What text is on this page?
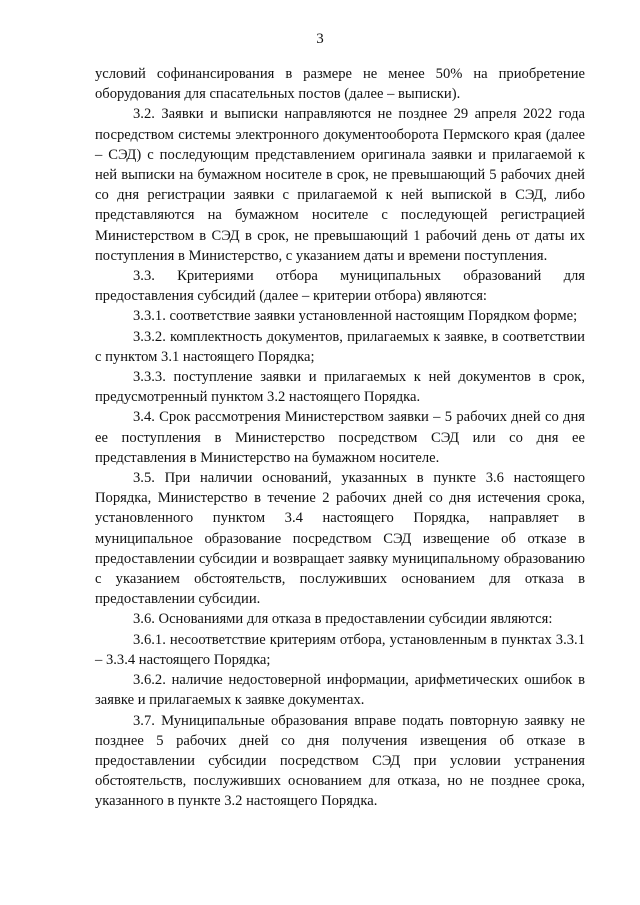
3

условий софинансирования в размере не менее 50% на приобретение оборудования для спасательных постов (далее – выписки).

3.2. Заявки и выписки направляются не позднее 29 апреля 2022 года посредством системы электронного документооборота Пермского края (далее – СЭД) с последующим представлением оригинала заявки и прилагаемой к ней выписки на бумажном носителе в срок, не превышающий 5 рабочих дней со дня регистрации заявки с прилагаемой к ней выпиской в СЭД, либо представляются на бумажном носителе с последующей регистрацией Министерством в СЭД в срок, не превышающий 1 рабочий день от даты их поступления в Министерство, с указанием даты и времени поступления.

3.3. Критериями отбора муниципальных образований для предоставления субсидий (далее – критерии отбора) являются:

3.3.1. соответствие заявки установленной настоящим Порядком форме;

3.3.2. комплектность документов, прилагаемых к заявке, в соответствии с пунктом 3.1 настоящего Порядка;

3.3.3. поступление заявки и прилагаемых к ней документов в срок, предусмотренный пунктом 3.2 настоящего Порядка.

3.4. Срок рассмотрения Министерством заявки – 5 рабочих дней со дня ее поступления в Министерство посредством СЭД или со дня ее представления в Министерство на бумажном носителе.

3.5. При наличии оснований, указанных в пункте 3.6 настоящего Порядка, Министерство в течение 2 рабочих дней со дня истечения срока, установленного пунктом 3.4 настоящего Порядка, направляет в муниципальное образование посредством СЭД извещение об отказе в предоставлении субсидии и возвращает заявку муниципальному образованию с указанием обстоятельств, послуживших основанием для отказа в предоставлении субсидии.

3.6. Основаниями для отказа в предоставлении субсидии являются:

3.6.1. несоответствие критериям отбора, установленным в пунктах 3.3.1 – 3.3.4 настоящего Порядка;

3.6.2. наличие недостоверной информации, арифметических ошибок в заявке и прилагаемых к заявке документах.

3.7. Муниципальные образования вправе подать повторную заявку не позднее 5 рабочих дней со дня получения извещения об отказе в предоставлении субсидии посредством СЭД при условии устранения обстоятельств, послуживших основанием для отказа, но не позднее срока, указанного в пункте 3.2 настоящего Порядка.
